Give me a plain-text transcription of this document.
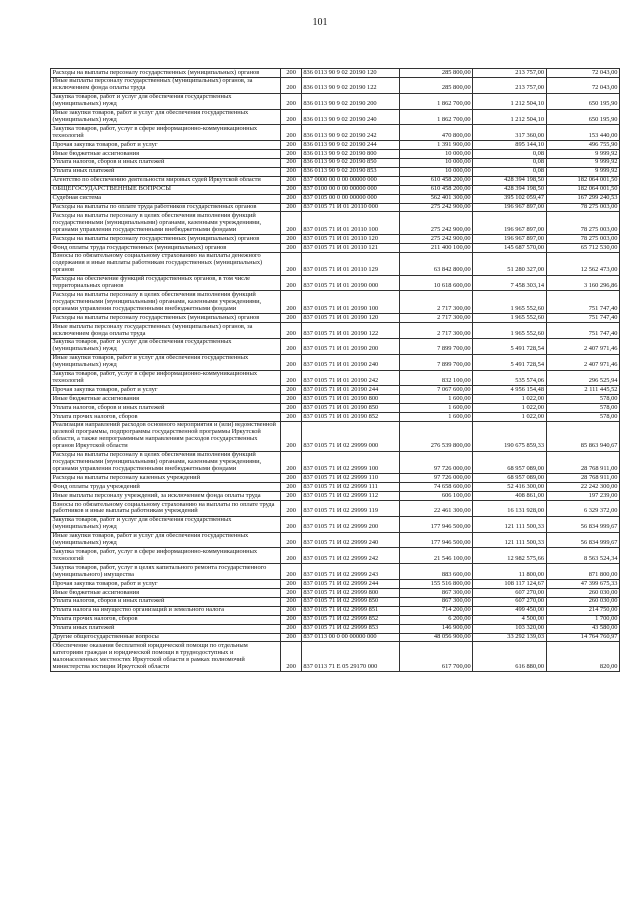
101
Расходы на выплаты персоналу государственных (муниципальных) органов	200	836 0113 90 9 02 20190 120	285 800,00	213 757,00	72 043,00
Иные выплаты персоналу государственных (муниципальных) органов, за исключением фонда оплаты труда	200	836 0113 90 9 02 20190 122	285 800,00	213 757,00	72 043,00
Закупка товаров, работ и услуг для обеспечения государственных (муниципальных) нужд	200	836 0113 90 9 02 20190 200	1 862 700,00	1 212 504,10	650 195,90
Иные закупки товаров, работ и услуг для обеспечения государственных (муниципальных) нужд	200	836 0113 90 9 02 20190 240	1 862 700,00	1 212 504,10	650 195,90
Закупка товаров, работ, услуг в сфере информационно-коммуникационных технологий	200	836 0113 90 9 02 20190 242	470 800,00	317 360,00	153 440,00
Прочая закупка товаров, работ и услуг	200	836 0113 90 9 02 20190 244	1 391 900,00	895 144,10	496 755,90
Иные бюджетные ассигнования	200	836 0113 90 9 02 20190 800	10 000,00	0,08	9 999,92
Уплата налогов, сборов и иных платежей	200	836 0113 90 9 02 20190 850	10 000,00	0,08	9 999,92
Уплата иных платежей	200	836 0113 90 9 02 20190 853	10 000,00	0,08	9 999,92
Агентство по обеспечению деятельности мировых судей Иркутской области	200	837 0000 00 0 00 00000 000	610 458 200,00	428 394 198,50	182 064 001,50
ОБЩЕГОСУДАРСТВЕННЫЕ ВОПРОСЫ	200	837 0100 00 0 00 00000 000	610 458 200,00	428 394 198,50	182 064 001,50
Судебная система	200	837 0105 00 0 00 00000 000	562 401 300,00	395 102 059,47	167 299 240,53
Расходы на выплаты по оплате труда работников государственных органов	200	837 0105 71 И 01 20110 000	275 242 900,00	196 967 897,00	78 275 003,00
Расходы на выплаты персоналу в целях обеспечения выполнения функций государственными (муниципальными) органами, казенными учреждениями, органами управления государственными внебюджетными фондами	200	837 0105 71 И 01 20110 100	275 242 900,00	196 967 897,00	78 275 003,00
Расходы на выплаты персоналу государственных (муниципальных) органов	200	837 0105 71 И 01 20110 120	275 242 900,00	196 967 897,00	78 275 003,00
Фонд оплаты труда государственных (муниципальных) органов	200	837 0105 71 И 01 20110 121	211 400 100,00	145 687 570,00	65 712 530,00
Взносы по обязательному социальному страхованию на выплаты денежного содержания и иные выплаты работникам государственных (муниципальных) органов	200	837 0105 71 И 01 20110 129	63 842 800,00	51 280 327,00	12 562 473,00
Расходы на обеспечение функций государственных органов, в том числе территориальных органов	200	837 0105 71 И 01 20190 000	10 618 600,00	7 458 303,14	3 160 296,86
Расходы на выплаты персоналу в целях обеспечения выполнения функций государственными (муниципальными) органами, казенными учреждениями, органами управления государственными внебюджетными фондами	200	837 0105 71 И 01 20190 100	2 717 300,00	1 965 552,60	751 747,40
Расходы на выплаты персоналу государственных (муниципальных) органов	200	837 0105 71 И 01 20190 120	2 717 300,00	1 965 552,60	751 747,40
Иные выплаты персоналу государственных (муниципальных) органов, за исключением фонда оплаты труда	200	837 0105 71 И 01 20190 122	2 717 300,00	1 965 552,60	751 747,40
Закупка товаров, работ и услуг для обеспечения государственных (муниципальных) нужд	200	837 0105 71 И 01 20190 200	7 899 700,00	5 491 728,54	2 407 971,46
Иные закупки товаров, работ и услуг для обеспечения государственных (муниципальных) нужд	200	837 0105 71 И 01 20190 240	7 899 700,00	5 491 728,54	2 407 971,46
Закупка товаров, работ, услуг в сфере информационно-коммуникационных технологий	200	837 0105 71 И 01 20190 242	832 100,00	535 574,06	296 525,94
Прочая закупка товаров, работ и услуг	200	837 0105 71 И 01 20190 244	7 067 600,00	4 956 154,48	2 111 445,52
Иные бюджетные ассигнования	200	837 0105 71 И 01 20190 800	1 600,00	1 022,00	578,00
Уплата налогов, сборов и иных платежей	200	837 0105 71 И 01 20190 850	1 600,00	1 022,00	578,00
Уплата прочих налогов, сборов	200	837 0105 71 И 01 20190 852	1 600,00	1 022,00	578,00
Реализация направлений расходов основного мероприятия и (или) ведомственной целевой программы, подпрограммы государственной программы Иркутской области, а также непрограммным направлениям расходов государственных органов Иркутской области	200	837 0105 71 И 02 29999 000	276 539 800,00	190 675 859,33	85 863 940,67
Расходы на выплаты персоналу в целях обеспечения выполнения функций государственными (муниципальными) органами, казенными учреждениями, органами управления государственными внебюджетными фондами	200	837 0105 71 И 02 29999 100	97 726 000,00	68 957 089,00	28 768 911,00
Расходы на выплаты персоналу казенных учреждений	200	837 0105 71 И 02 29999 110	97 726 000,00	68 957 089,00	28 768 911,00
Фонд оплаты труда учреждений	200	837 0105 71 И 02 29999 111	74 658 600,00	52 416 300,00	22 242 300,00
Иные выплаты персоналу учреждений, за исключением фонда оплаты труда	200	837 0105 71 И 02 29999 112	606 100,00	408 861,00	197 239,00
Взносы по обязательному социальному страхованию на выплаты по оплате труда работников и иные выплаты работникам учреждений	200	837 0105 71 И 02 29999 119	22 461 300,00	16 131 928,00	6 329 372,00
Закупка товаров, работ и услуг для обеспечения государственных (муниципальных) нужд	200	837 0105 71 И 02 29999 200	177 946 500,00	121 111 500,33	56 834 999,67
Иные закупки товаров, работ и услуг для обеспечения государственных (муниципальных) нужд	200	837 0105 71 И 02 29999 240	177 946 500,00	121 111 500,33	56 834 999,67
Закупка товаров, работ, услуг в сфере информационно-коммуникационных технологий	200	837 0105 71 И 02 29999 242	21 546 100,00	12 982 575,66	8 563 524,34
Закупка товаров, работ, услуг в целях капитального ремонта государственного (муниципального) имущества	200	837 0105 71 И 02 29999 243	883 600,00	11 800,00	871 800,00
Прочая закупка товаров, работ и услуг	200	837 0105 71 И 02 29999 244	155 516 800,00	108 117 124,67	47 399 675,33
Иные бюджетные ассигнования	200	837 0105 71 И 02 29999 800	867 300,00	607 270,00	260 030,00
Уплата налогов, сборов и иных платежей	200	837 0105 71 И 02 29999 850	867 300,00	607 270,00	260 030,00
Уплата налога на имущество организаций и земельного налога	200	837 0105 71 И 02 29999 851	714 200,00	499 450,00	214 750,00
Уплата прочих налогов, сборов	200	837 0105 71 И 02 29999 852	6 200,00	4 500,00	1 700,00
Уплата иных платежей	200	837 0105 71 И 02 29999 853	146 900,00	103 320,00	43 580,00
Другие общегосударственные вопросы	200	837 0113 00 0 00 00000 000	48 056 900,00	33 292 139,03	14 764 760,97
Обеспечение оказания бесплатной юридической помощи по отдельным категориям граждан и юридической помощи в труднодоступных и малонаселенных местностях Иркутской области в рамках полномочий министерства юстиции Иркутской области	200	837 0113 71 Е 05 29170 000	617 700,00	616 880,00	820,00
